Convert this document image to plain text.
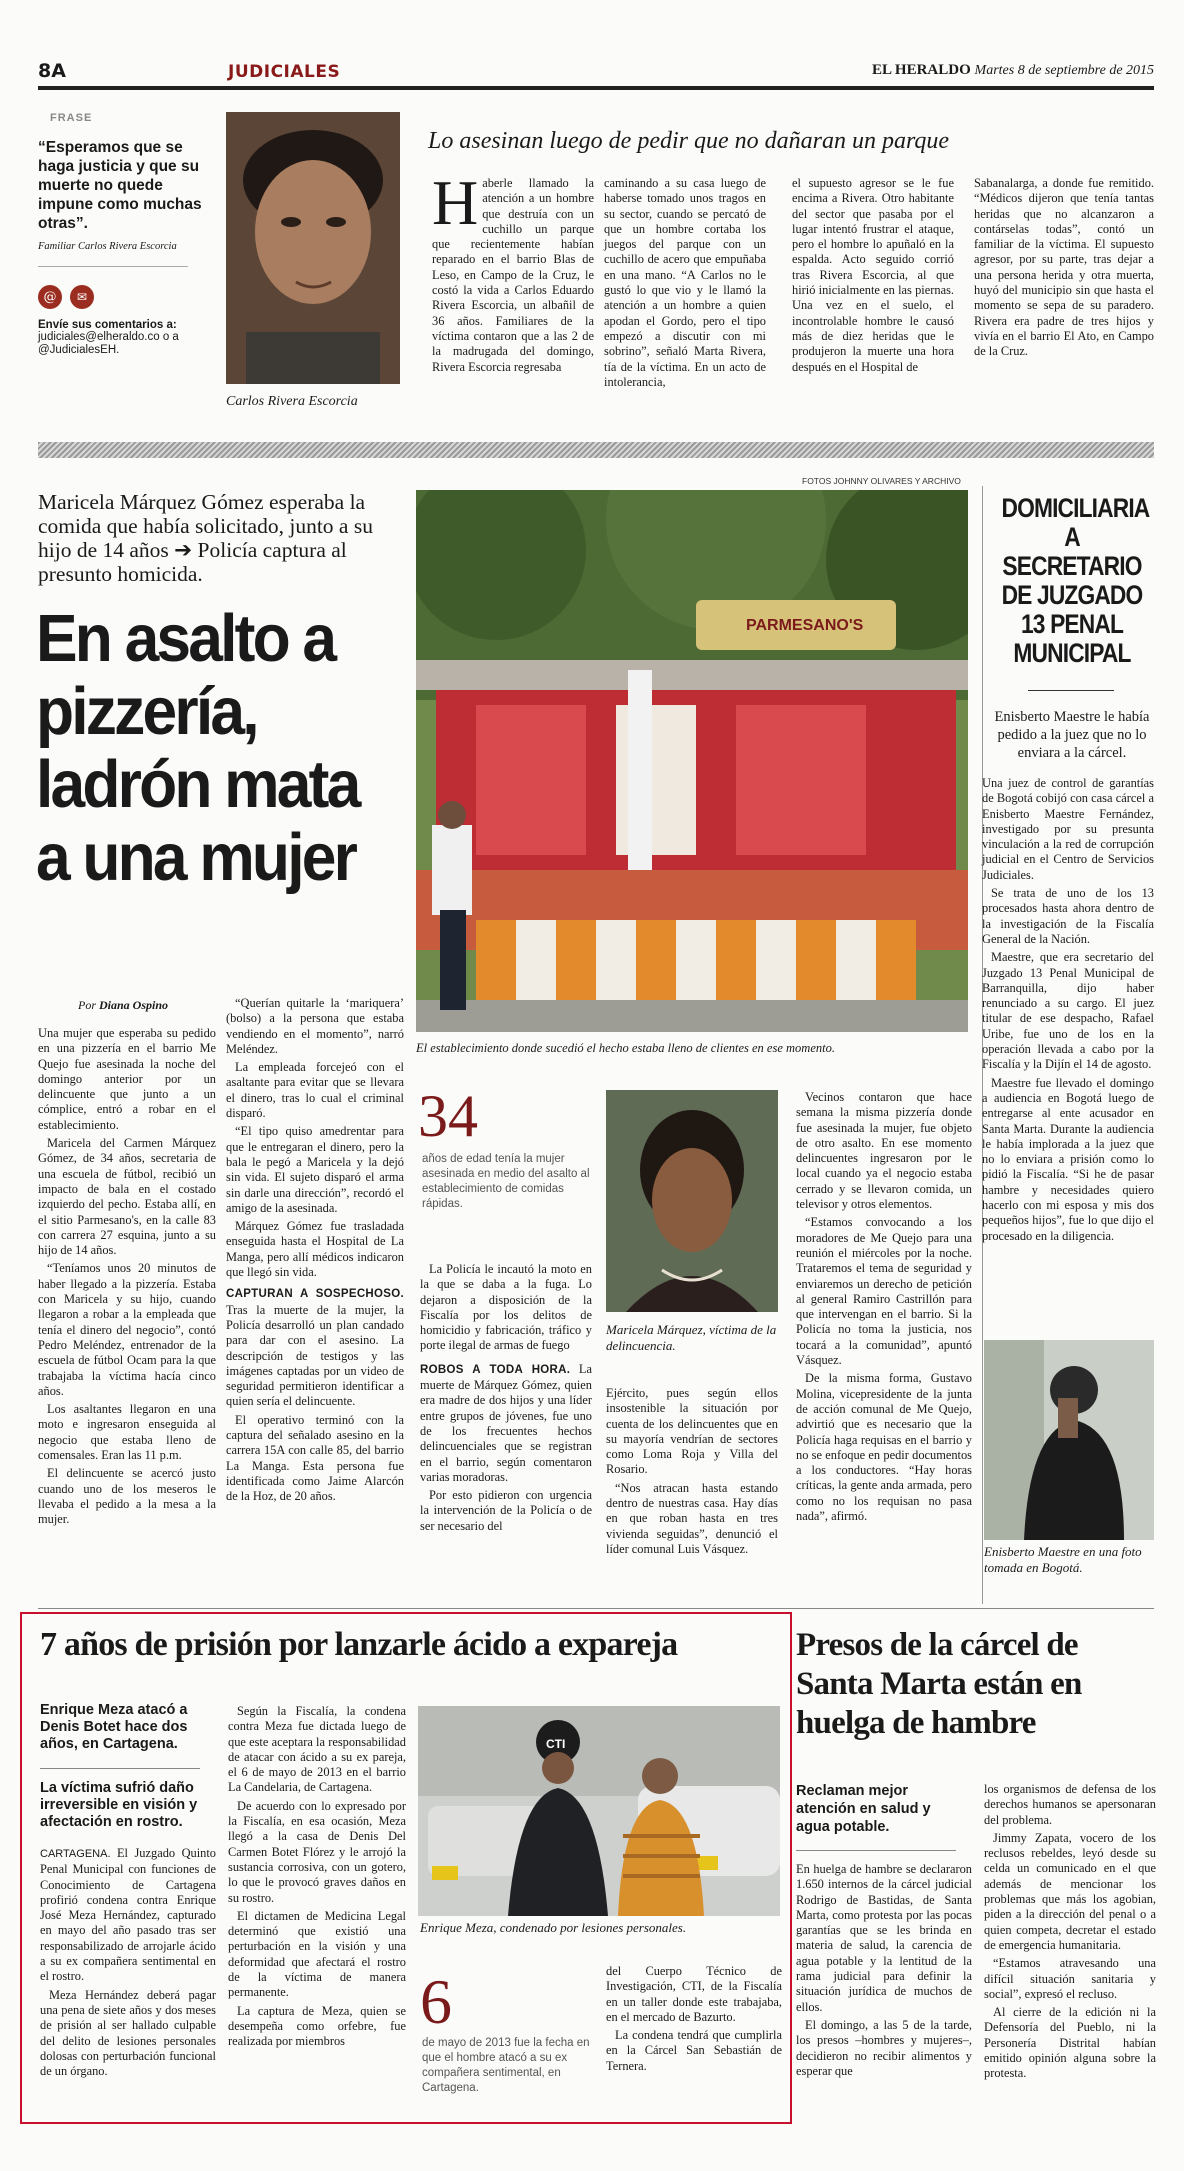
8A	JUDICIALES	EL HERALDO Martes 8 de septiembre de 2015
FRASE
“Esperamos que se haga justicia y que su muerte no quede impune como muchas otras”.
Familiar Carlos Rivera Escorcia
@	✉
Envíe sus comentarios a:
judiciales@elheraldo.co o a @JudicialesEH.
Carlos Rivera Escorcia
Lo asesinan luego de pedir que no dañaran un parque
H aberle llamado la atención a un hombre que destruía con un cuchillo un parque que recientemente habían reparado en el barrio Blas de Leso, en Campo de la Cruz, le costó la vida a Carlos Eduardo Rivera Escorcia, un albañil de 36 años. Familiares de la víctima contaron que a las 2 de la madrugada del domingo, Rivera Escorcia regresaba

caminando a su casa luego de haberse tomado unos tragos en su sector, cuando se percató de que un hombre cortaba los juegos del parque con un cuchillo de acero que empuñaba en una mano. “A Carlos no le gustó lo que vio y le llamó la atención a un hombre a quien apodan el Gordo, pero el tipo empezó a discutir con mi sobrino”, señaló Marta Rivera, tía de la víctima. En un acto de intolerancia,

el supuesto agresor se le fue encima a Rivera. Otro habitante del sector que pasaba por el lugar intentó frustrar el ataque, pero el hombre lo apuñaló en la espalda. Acto seguido corrió tras Rivera Escorcia, al que hirió inicialmente en las piernas. Una vez en el suelo, el incontrolable hombre le causó más de diez heridas que le produjeron la muerte una hora después en el Hospital de

Sabanalarga, a donde fue remitido. “Médicos dijeron que tenía tantas heridas que no alcanzaron a contárselas todas”, contó un familiar de la víctima. El supuesto agresor, por su parte, tras dejar a una persona herida y otra muerta, huyó del municipio sin que hasta el momento se sepa de su paradero. Rivera era padre de tres hijos y vivía en el barrio El Ato, en Campo de la Cruz.

FOTOS JOHNNY OLIVARES Y ARCHIVO
Maricela Márquez Gómez esperaba la comida que había solicitado, junto a su hijo de 14 años ➔ Policía captura al presunto homicida.
En asalto a pizzería, ladrón mata a una mujer
Por Diana Ospino
PARMESANO'S
El establecimiento donde sucedió el hecho estaba lleno de clientes en ese momento.

Una mujer que esperaba su pedido en una pizzería en el barrio Me Quejo fue asesinada la noche del domingo anterior por un delincuente que junto a un cómplice, entró a robar en el establecimiento.

Maricela del Carmen Márquez Gómez, de 34 años, secretaria de una escuela de fútbol, recibió un impacto de bala en el costado izquierdo del pecho. Estaba allí, en el sitio Parmesano's, en la calle 83 con carrera 27 esquina, junto a su hijo de 14 años.

“Teníamos unos 20 minutos de haber llegado a la pizzería. Estaba con Maricela y su hijo, cuando llegaron a robar a la empleada que tenía el dinero del negocio”, contó Pedro Meléndez, entrenador de la escuela de fútbol Ocam para la que trabajaba la víctima hacía cinco años.

Los asaltantes llegaron en una moto e ingresaron enseguida al negocio que estaba lleno de comensales. Eran las 11 p.m.

El delincuente se acercó justo cuando uno de los meseros le llevaba el pedido a la mesa a la mujer.

“Querían quitarle la ‘mariquera’ (bolso) a la persona que estaba vendiendo en el momento”, narró Meléndez.

La empleada forcejeó con el asaltante para evitar que se llevara el dinero, tras lo cual el criminal disparó.

“El tipo quiso amedrentar para que le entregaran el dinero, pero la bala le pegó a Maricela y la dejó sin vida. El sujeto disparó el arma sin darle una dirección”, recordó el amigo de la asesinada.

Márquez Gómez fue trasladada enseguida hasta el Hospital de La Manga, pero allí médicos indicaron que llegó sin vida.

CAPTURAN A SOSPECHOSO. Tras la muerte de la mujer, la Policía desarrolló un plan candado para dar con el asesino. La descripción de testigos y las imágenes captadas por un video de seguridad permitieron identificar a quien sería el delincuente.

El operativo terminó con la captura del señalado asesino en la carrera 15A con calle 85, del barrio La Manga. Esta persona fue identificada como Jaime Alarcón de la Hoz, de 20 años.

34
años de edad tenía la mujer asesinada en medio del asalto al establecimiento de comidas rápidas.

La Policía le incautó la moto en la que se daba a la fuga. Lo dejaron a disposición de la Fiscalía por los delitos de homicidio y fabricación, tráfico y porte ilegal de armas de fuego

ROBOS A TODA HORA. La muerte de Márquez Gómez, quien era madre de dos hijos y una líder entre grupos de jóvenes, fue uno de los frecuentes hechos delincuenciales que se registran en el barrio, según comentaron varias moradoras.

Por esto pidieron con urgencia la intervención de la Policía o de ser necesario del

Maricela Márquez, víctima de la delincuencia.

Ejército, pues según ellos insostenible la situación por cuenta de los delincuentes que en su mayoría vendrían de sectores como Loma Roja y Villa del Rosario.

“Nos atracan hasta estando dentro de nuestras casa. Hay días en que roban hasta en tres vivienda seguidas”, denunció el líder comunal Luis Vásquez.

Vecinos contaron que hace semana la misma pizzería donde fue asesinada la mujer, fue objeto de otro asalto. En ese momento delincuentes ingresaron por le local cuando ya el negocio estaba cerrado y se llevaron comida, un televisor y otros elementos.

“Estamos convocando a los moradores de Me Quejo para una reunión el miércoles por la noche. Trataremos el tema de seguridad y enviaremos un derecho de petición al general Ramiro Castrillón para que intervengan en el barrio. Si la Policía no toma la justicia, nos tocará a la comunidad”, apuntó Vásquez.

De la misma forma, Gustavo Molina, vicepresidente de la junta de acción comunal de Me Quejo, advirtió que es necesario que la Policía haga requisas en el barrio y no se enfoque en pedir documentos a los conductores. “Hay horas críticas, la gente anda armada, pero como no los requisan no pasa nada”, afirmó.

DOMICILIARIA A SECRETARIO DE JUZGADO 13 PENAL MUNICIPAL
Enisberto Maestre le había pedido a la juez que no lo enviara a la cárcel.

Una juez de control de garantías de Bogotá cobijó con casa cárcel a Enisberto Maestre Fernández, investigado por su presunta vinculación a la red de corrupción judicial en el Centro de Servicios Judiciales.

Se trata de uno de los 13 procesados hasta ahora dentro de la investigación de la Fiscalía General de la Nación.

Maestre, que era secretario del Juzgado 13 Penal Municipal de Barranquilla, dijo haber renunciado a su cargo. El juez titular de ese despacho, Rafael Uribe, fue uno de los en la operación llevada a cabo por la Fiscalía y la Dijín el 14 de agosto.

Maestre fue llevado el domingo a audiencia en Bogotá luego de entregarse al ente acusador en Santa Marta. Durante la audiencia le había implorada a la juez que no lo enviara a prisión como lo pidió la Fiscalía. “Si he de pasar hambre y necesidades quiero hacerlo con mi esposa y mis dos pequeños hijos”, fue lo que dijo el procesado en la diligencia.

Enisberto Maestre en una foto tomada en Bogotá.
7 años de prisión por lanzarle ácido a expareja
Enrique Meza atacó a Denis Botet hace dos años, en Cartagena.
La víctima sufrió daño irreversible en visión y afectación en rostro.

CARTAGENA. El Juzgado Quinto Penal Municipal con funciones de Conocimiento de Cartagena profirió condena contra Enrique José Meza Hernández, capturado en mayo del año pasado tras ser responsabilizado de arrojarle ácido a su ex compañera sentimental en el rostro.

Meza Hernández deberá pagar una pena de siete años y dos meses de prisión al ser hallado culpable del delito de lesiones personales dolosas con perturbación funcional de un órgano.

Según la Fiscalía, la condena contra Meza fue dictada luego de que este aceptara la responsabilidad de atacar con ácido a su ex pareja, el 6 de mayo de 2013 en el barrio La Candelaria, de Cartagena.

De acuerdo con lo expresado por la Fiscalía, en esa ocasión, Meza llegó a la casa de Denis Del Carmen Botet Flórez y le arrojó la sustancia corrosiva, con un gotero, lo que le provocó graves daños en su rostro.

El dictamen de Medicina Legal determinó que existió una perturbación en la visión y una deformidad que afectará el rostro de la víctima de manera permanente.

La captura de Meza, quien se desempeña como orfebre, fue realizada por miembros

CTI
Enrique Meza, condenado por lesiones personales.
6
de mayo de 2013 fue la fecha en que el hombre atacó a su ex compañera sentimental, en Cartagena.

del Cuerpo Técnico de Investigación, CTI, de la Fiscalía en un taller donde este trabajaba, en el mercado de Bazurto.

La condena tendrá que cumplirla en la Cárcel San Sebastián de Ternera.

Presos de la cárcel de Santa Marta están en huelga de hambre
Reclaman mejor atención en salud y agua potable.

En huelga de hambre se declararon 1.650 internos de la cárcel judicial Rodrigo de Bastidas, de Santa Marta, como protesta por las pocas garantías que se les brinda en materia de salud, la carencia de agua potable y la lentitud de la rama judicial para definir la situación jurídica de muchos de ellos.

El domingo, a las 5 de la tarde, los presos –hombres y mujeres–, decidieron no recibir alimentos y esperar que

los organismos de defensa de los derechos humanos se apersonaran del problema.

Jimmy Zapata, vocero de los reclusos rebeldes, leyó desde su celda un comunicado en el que además de mencionar los problemas que más los agobian, piden a la dirección del penal o a quien competa, decretar el estado de emergencia humanitaria.

“Estamos atravesando una difícil situación sanitaria y social”, expresó el recluso.

Al cierre de la edición ni la Defensoría del Pueblo, ni la Personería Distrital habían emitido opinión alguna sobre la protesta.
